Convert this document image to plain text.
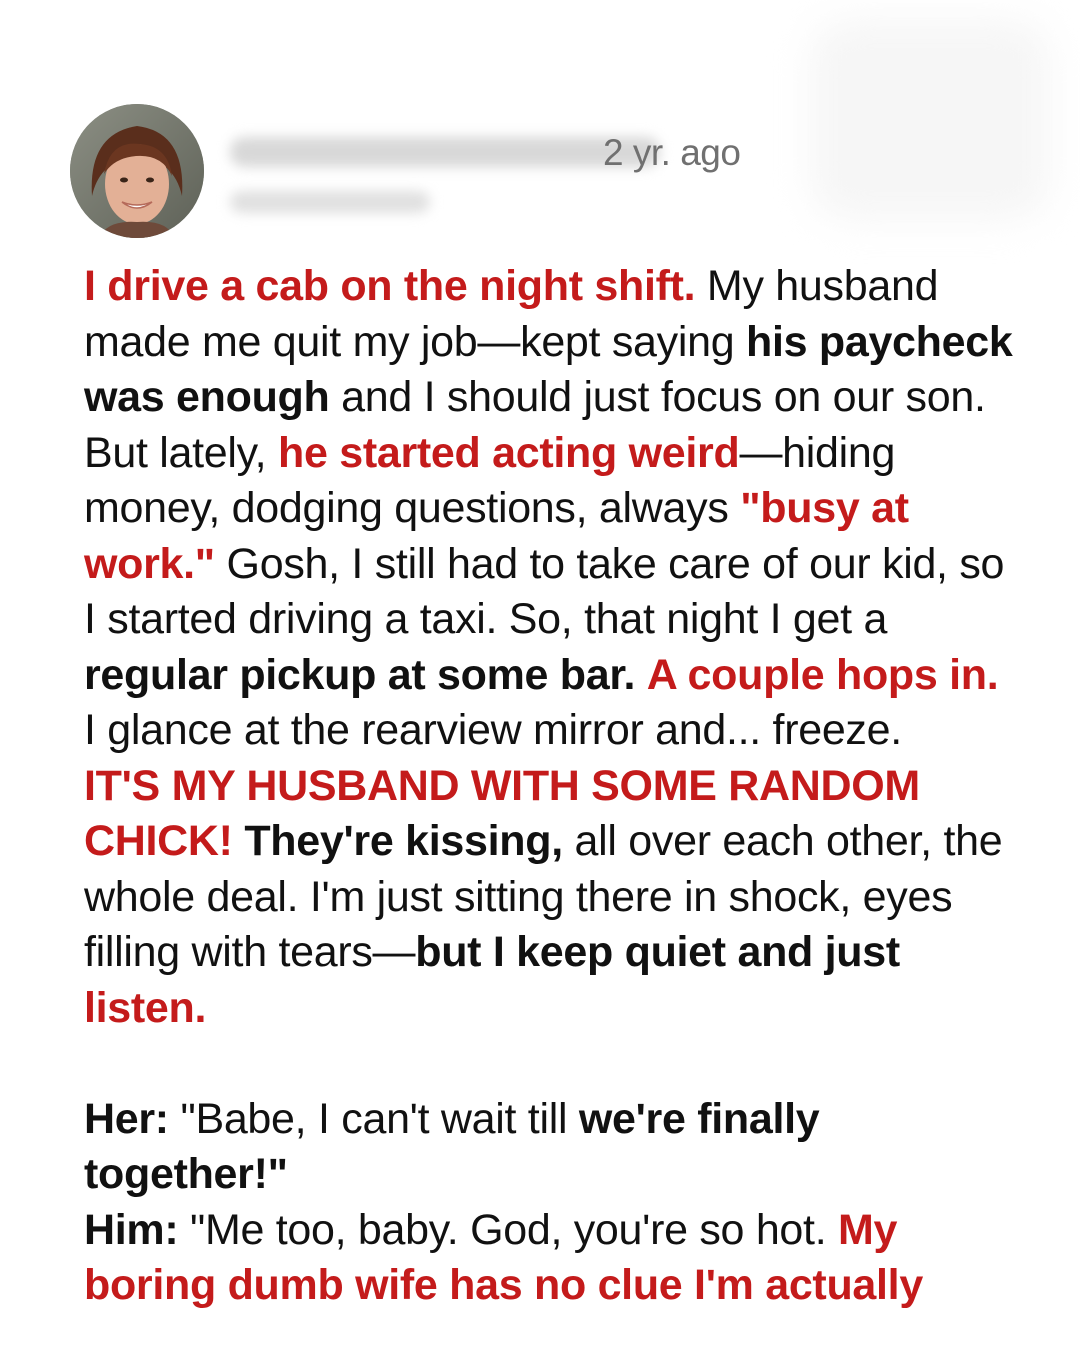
2 yr. ago

I drive a cab on the night shift. My husband made me quit my job—kept saying his paycheck was enough and I should just focus on our son. But lately, he started acting weird—hiding money, dodging questions, always "busy at work." Gosh, I still had to take care of our kid, so I started driving a taxi. So, that night I get a regular pickup at some bar. A couple hops in.
I glance at the rearview mirror and... freeze.
IT'S MY HUSBAND WITH SOME RANDOM CHICK! They're kissing, all over each other, the whole deal. I'm just sitting there in shock, eyes filling with tears—but I keep quiet and just listen.

Her: "Babe, I can't wait till we're finally together!"

Him: "Me too, baby. God, you're so hot. My boring dumb wife has no clue I'm actually
